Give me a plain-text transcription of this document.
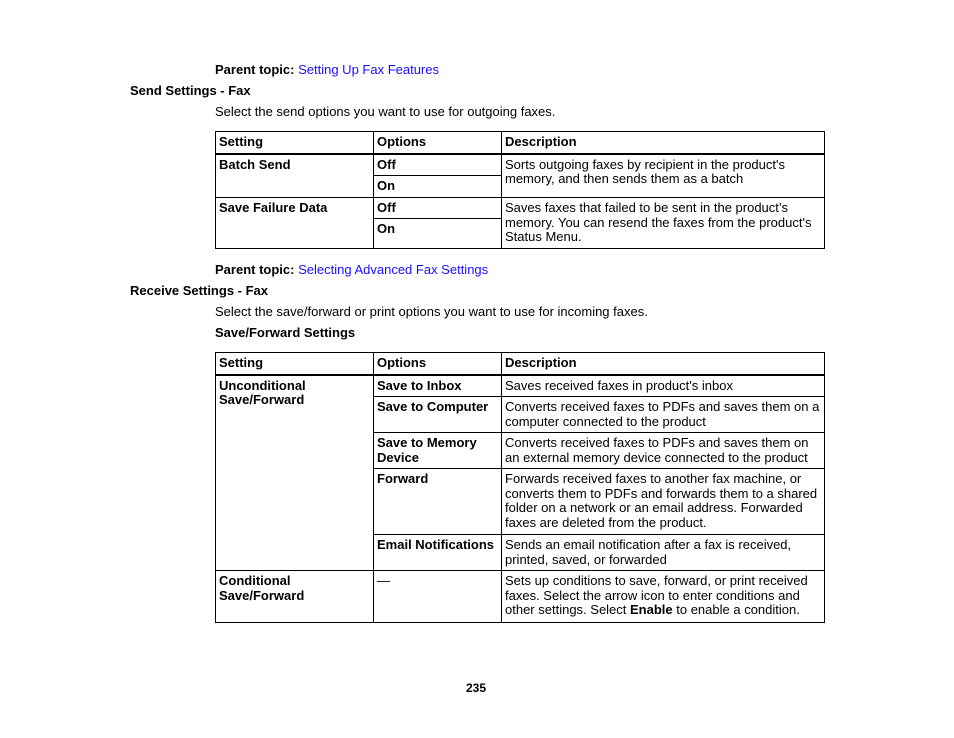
Parent topic: Setting Up Fax Features
Send Settings - Fax
Select the send options you want to use for outgoing faxes.
Setting	Options	Description
Batch Send	Off	Sorts outgoing faxes by recipient in the product's memory, and then sends them as a batch
	On	
Save Failure Data	Off	Saves faxes that failed to be sent in the product’s memory. You can resend the faxes from the product's Status Menu.
	On	
Parent topic: Selecting Advanced Fax Settings
Receive Settings - Fax
Select the save/forward or print options you want to use for incoming faxes.
Save/Forward Settings
Setting	Options	Description
Unconditional Save/Forward	Save to Inbox	Saves received faxes in product's inbox
	Save to Computer	Converts received faxes to PDFs and saves them on a computer connected to the product
	Save to Memory Device	Converts received faxes to PDFs and saves them on an external memory device connected to the product
	Forward	Forwards received faxes to another fax machine, or converts them to PDFs and forwards them to a shared folder on a network or an email address. Forwarded faxes are deleted from the product.
	Email Notifications	Sends an email notification after a fax is received, printed, saved, or forwarded
Conditional Save/Forward	—	Sets up conditions to save, forward, or print received faxes. Select the arrow icon to enter conditions and other settings. Select Enable to enable a condition.
235
